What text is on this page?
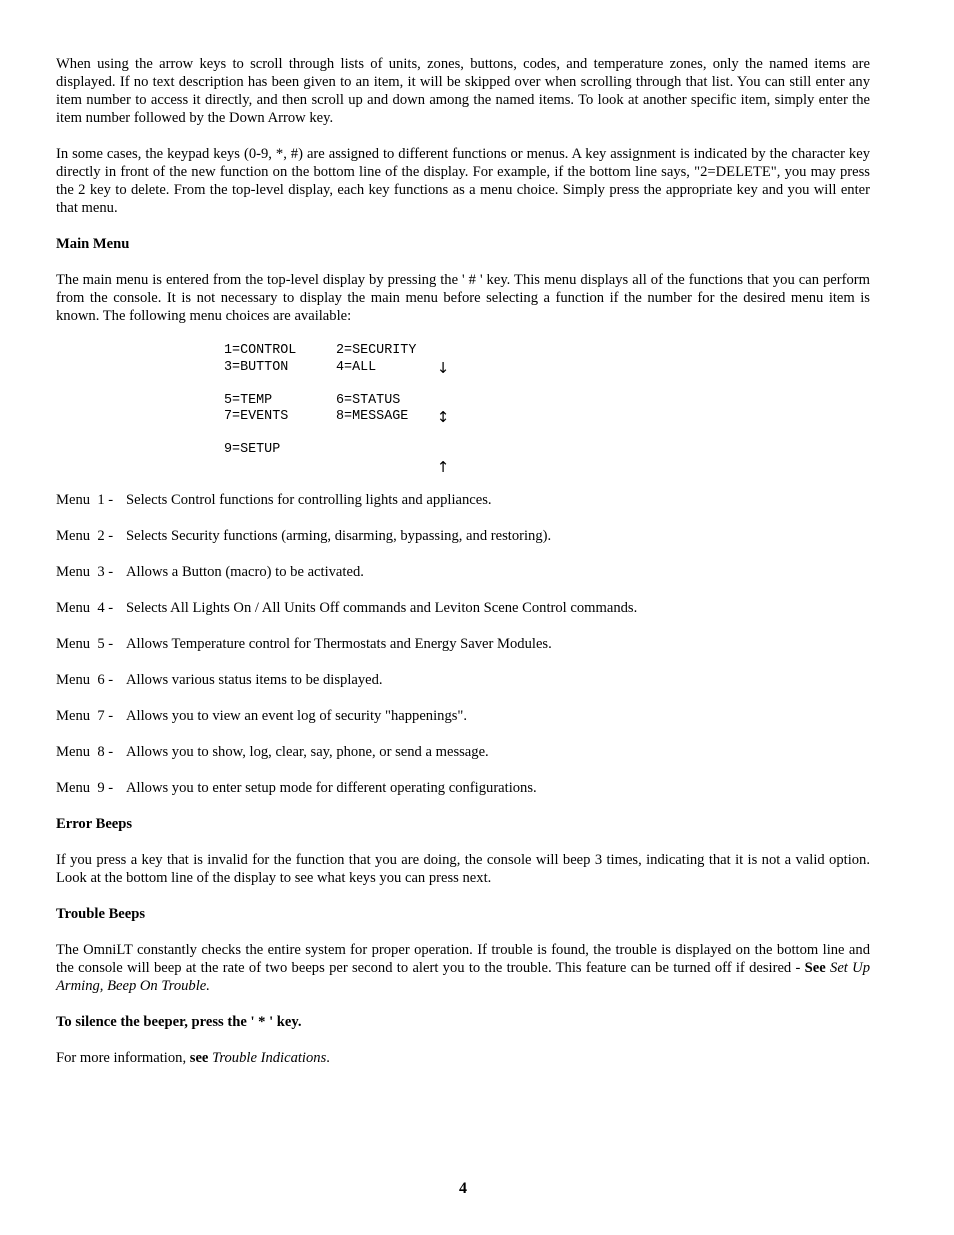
When using the arrow keys to scroll through lists of units, zones, buttons, codes, and temperature zones, only the named items are displayed. If no text description has been given to an item, it will be skipped over when scrolling through that list. You can still enter any item number to access it directly, and then scroll up and down among the named items. To look at another specific item, simply enter the item number followed by the Down Arrow key.

In some cases, the keypad keys (0-9, *, #) are assigned to different functions or menus. A key assignment is indicated by the character key directly in front of the new function on the bottom line of the display. For example, if the bottom line says, "2=DELETE", you may press the 2 key to delete. From the top-level display, each key functions as a menu choice. Simply press the appropriate key and you will enter that menu.

Main Menu

The main menu is entered from the top-level display by pressing the ' # ' key. This menu displays all of the functions that you can perform from the console. It is not necessary to display the main menu before selecting a function if the number for the desired menu item is known. The following menu choices are available:

1=CONTROL	2=SECURITY
3=BUTTON	4=ALL	↓
5=TEMP	6=STATUS
7=EVENTS	8=MESSAGE	↕
9=SETUP
↑
Menu  1 - Selects Control functions for controlling lights and appliances.
Menu  2 - Selects Security functions (arming, disarming, bypassing, and restoring).
Menu  3 - Allows a Button (macro) to be activated.
Menu  4 - Selects All Lights On / All Units Off commands and Leviton Scene Control commands.
Menu  5 - Allows Temperature control for Thermostats and Energy Saver Modules.
Menu  6 - Allows various status items to be displayed.
Menu  7 - Allows you to view an event log of security "happenings".
Menu  8 - Allows you to show, log, clear, say, phone, or send a message.
Menu  9 - Allows you to enter setup mode for different operating configurations.
Error Beeps

If you press a key that is invalid for the function that you are doing, the console will beep 3 times, indicating that it is not a valid option. Look at the bottom line of the display to see what keys you can press next.

Trouble Beeps

The OmniLT constantly checks the entire system for proper operation. If trouble is found, the trouble is displayed on the bottom line and the console will beep at the rate of two beeps per second to alert you to the trouble. This feature can be turned off if desired - See Set Up Arming, Beep On Trouble.

To silence the beeper, press the ' * ' key.

For more information, see Trouble Indications.

4
